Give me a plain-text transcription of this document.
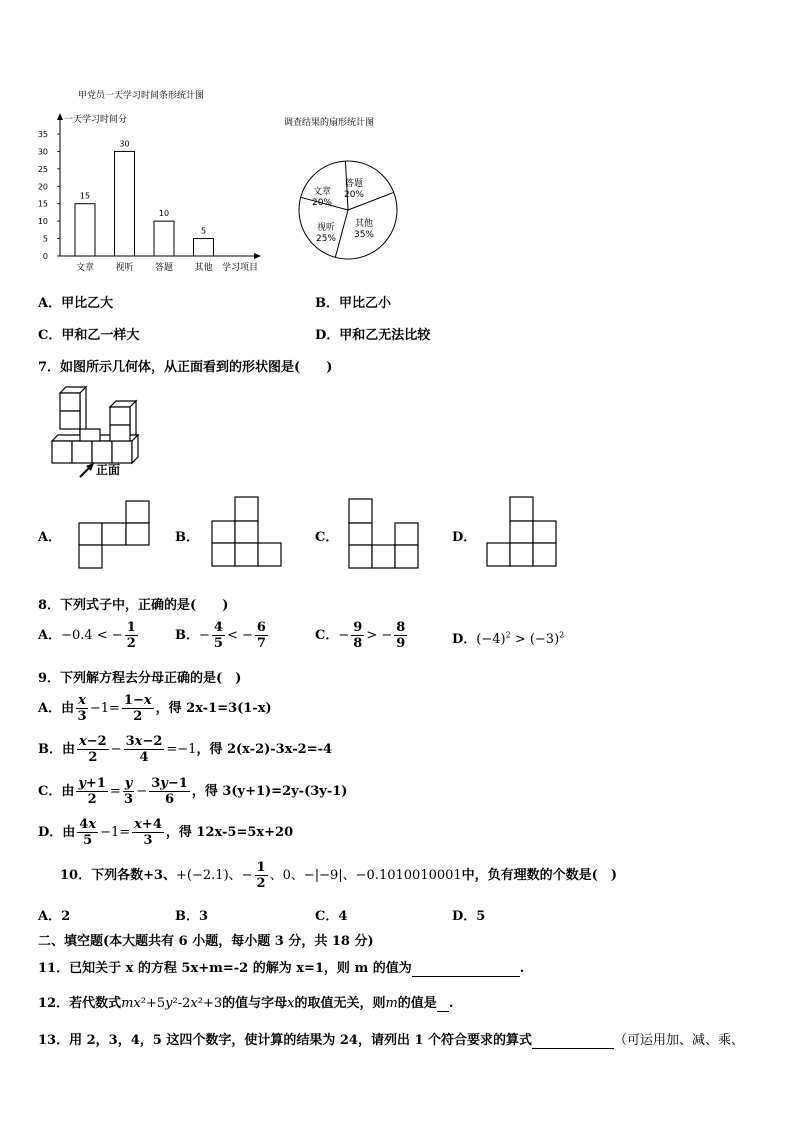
甲党员一天学习时间条形统计图
调查结果的扇形统计图
一天学习时间分
学习项目
35
30
25
20
15
10
5
0
15
文章
30
视听
10
答题
5
其他
文章
20%
答题
20%
其他
35%
视听
25%
A．甲比乙大	B．甲比乙小
C．甲和乙一样大	D．甲和乙无法比较
7．如图所示几何体，从正面看到的形状图是(　　)
正面
A．	B．	C．	D．
8．下列式子中，正确的是(　　)
A．−0.4 < − $\frac{1}{2}$	B．− $\frac{4}{5}$ < − $\frac{6}{7}$	C．− $\frac{9}{8}$ > − $\frac{8}{9}$	D．$(-4)^2 > (-3)^2$
9．下列解方程去分母正确的是(　)
A．由 $\frac{x}{3} -1= \frac{1-x}{2}$ ，得 2x-1=3(1-x)
B．由 $\frac{x-2}{2} - \frac{3x-2}{4} =-1$，得 2(x-2)-3x-2=-4
C．由 $\frac{y+1}{2} = \frac{y}{3} - \frac{3y-1}{6}$ ，得 3(y+1)=2y-(3y-1)
D．由 $\frac{4x}{5} -1= \frac{x+4}{3}$ ，得 12x-5=5x+20
10．下列各数+3、+(−2.1)、− $\frac{1}{2}$ 、0、−|−9|、−0.1010010001中，负有理数的个数是(　)
A．2	B．3	C．4	D．5
二、填空题(本大题共有 6 小题，每小题 3 分，共 18 分)
11．已知关于 x 的方程 5x+m=-2 的解为 x=1，则 m 的值为	.
12．若代数式mx²+5y²-2x²+3的值与字母x的取值无关，则m的值是 .
13．用 2，3，4，5 这四个数字，使计算的结果为 24，请列出 1 个符合要求的算式	（可运用加、减、乘、
